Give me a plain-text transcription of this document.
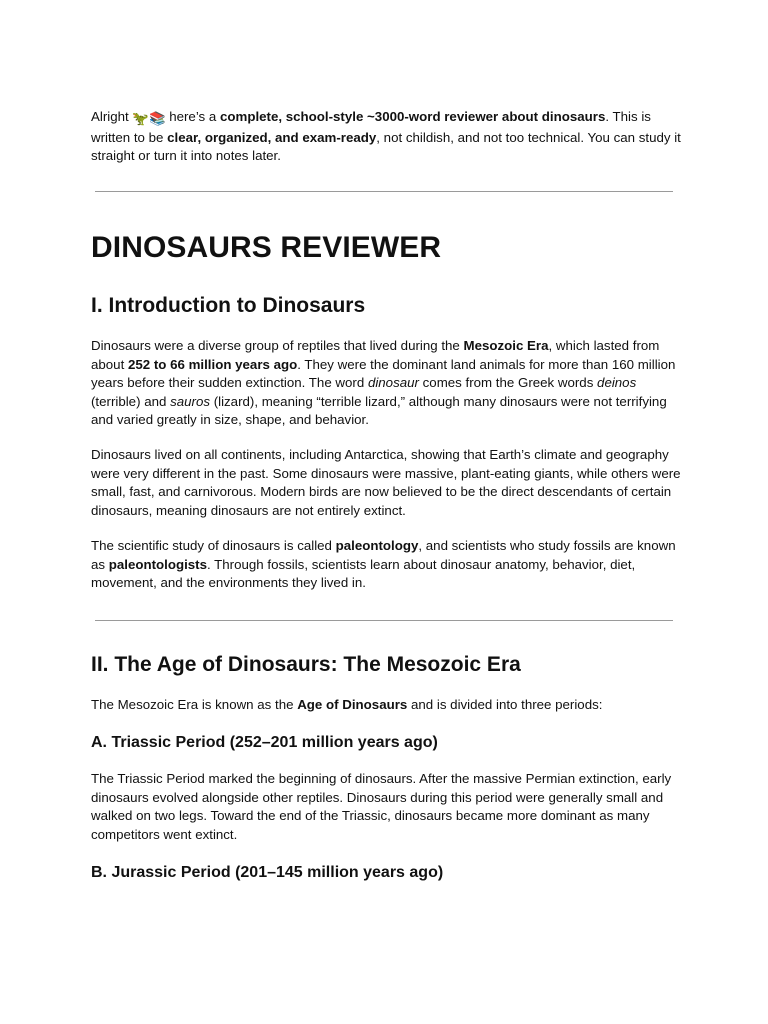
Alright 🦖📚 here’s a complete, school-style ~3000-word reviewer about dinosaurs. This is written to be clear, organized, and exam-ready, not childish, and not too technical. You can study it straight or turn it into notes later.

DINOSAURS REVIEWER
I. Introduction to Dinosaurs

Dinosaurs were a diverse group of reptiles that lived during the Mesozoic Era, which lasted from about 252 to 66 million years ago. They were the dominant land animals for more than 160 million years before their sudden extinction. The word dinosaur comes from the Greek words deinos (terrible) and sauros (lizard), meaning “terrible lizard,” although many dinosaurs were not terrifying and varied greatly in size, shape, and behavior.

Dinosaurs lived on all continents, including Antarctica, showing that Earth’s climate and geography were very different in the past. Some dinosaurs were massive, plant-eating giants, while others were small, fast, and carnivorous. Modern birds are now believed to be the direct descendants of certain dinosaurs, meaning dinosaurs are not entirely extinct.

The scientific study of dinosaurs is called paleontology, and scientists who study fossils are known as paleontologists. Through fossils, scientists learn about dinosaur anatomy, behavior, diet, movement, and the environments they lived in.

II. The Age of Dinosaurs: The Mesozoic Era

The Mesozoic Era is known as the Age of Dinosaurs and is divided into three periods:

A. Triassic Period (252–201 million years ago)

The Triassic Period marked the beginning of dinosaurs. After the massive Permian extinction, early dinosaurs evolved alongside other reptiles. Dinosaurs during this period were generally small and walked on two legs. Toward the end of the Triassic, dinosaurs became more dominant as many competitors went extinct.

B. Jurassic Period (201–145 million years ago)
